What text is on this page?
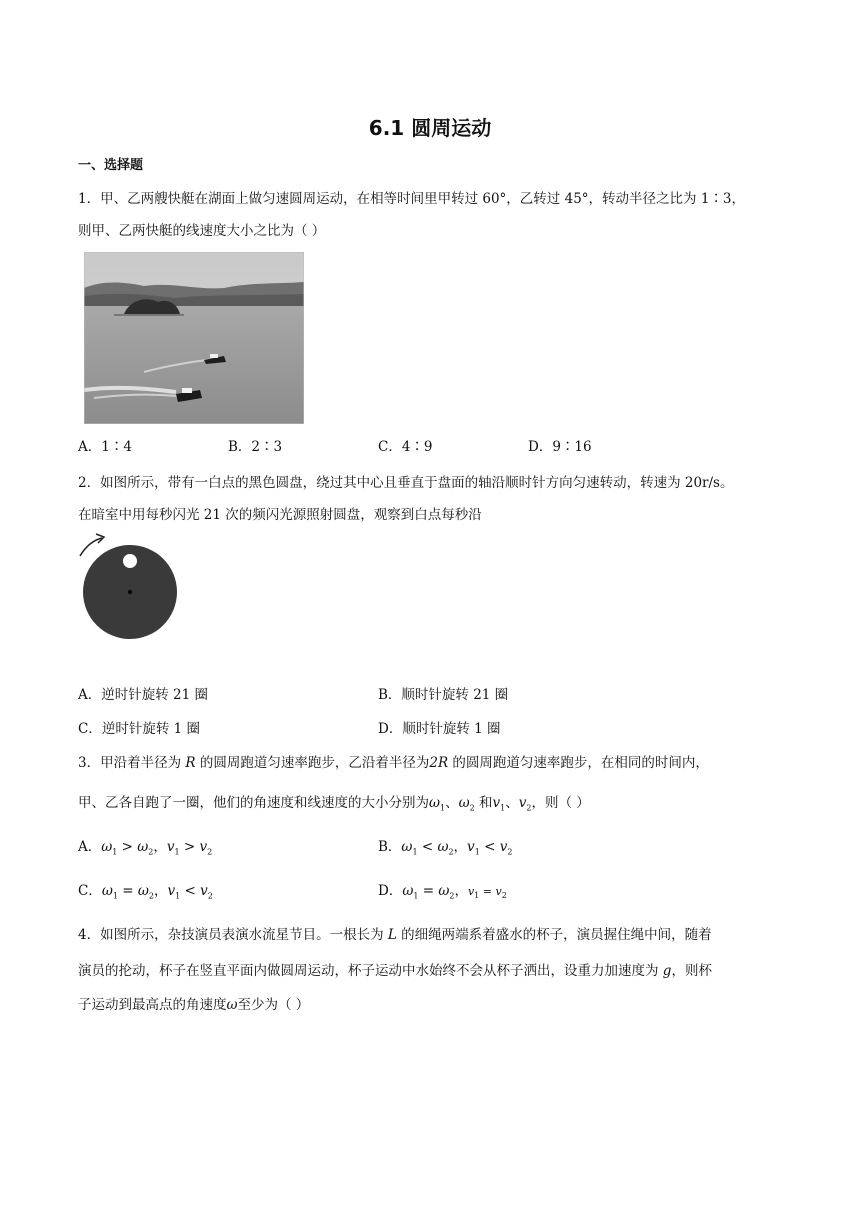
6.1 圆周运动
一、选择题
1．甲、乙两艘快艇在湖面上做匀速圆周运动，在相等时间里甲转过 60°，乙转过 45°，转动半径之比为 1∶3，
则甲、乙两快艇的线速度大小之比为（ ）
A．1∶4	B．2∶3	C．4∶9	D．9∶16
2．如图所示，带有一白点的黑色圆盘，绕过其中心且垂直于盘面的轴沿顺时针方向匀速转动，转速为 20r/s。
在暗室中用每秒闪光 21 次的频闪光源照射圆盘，观察到白点每秒沿
A．逆时针旋转 21 圈	B．顺时针旋转 21 圈
C．逆时针旋转 1 圈	D．顺时针旋转 1 圈
3．甲沿着半径为 R 的圆周跑道匀速率跑步，乙沿着半径为2R 的圆周跑道匀速率跑步，在相同的时间内，
甲、乙各自跑了一圈，他们的角速度和线速度的大小分别为$\omega_1$、$\omega_2$ 和$v_1$、$v_2$，则（ ）
A．$\omega_1 > \omega_2$，$v_1 > v_2$	B．$\omega_1 < \omega_2$，$v_1 < v_2$
C．$\omega_1 = \omega_2$，$v_1 < v_2$	D．$\omega_1 = \omega_2$，$v_1 = v_2$
4．如图所示，杂技演员表演水流星节目。一根长为 L 的细绳两端系着盛水的杯子，演员握住绳中间，随着
演员的抡动，杯子在竖直平面内做圆周运动，杯子运动中水始终不会从杯子洒出，设重力加速度为 g，则杯
子运动到最高点的角速度ω至少为（ ）
